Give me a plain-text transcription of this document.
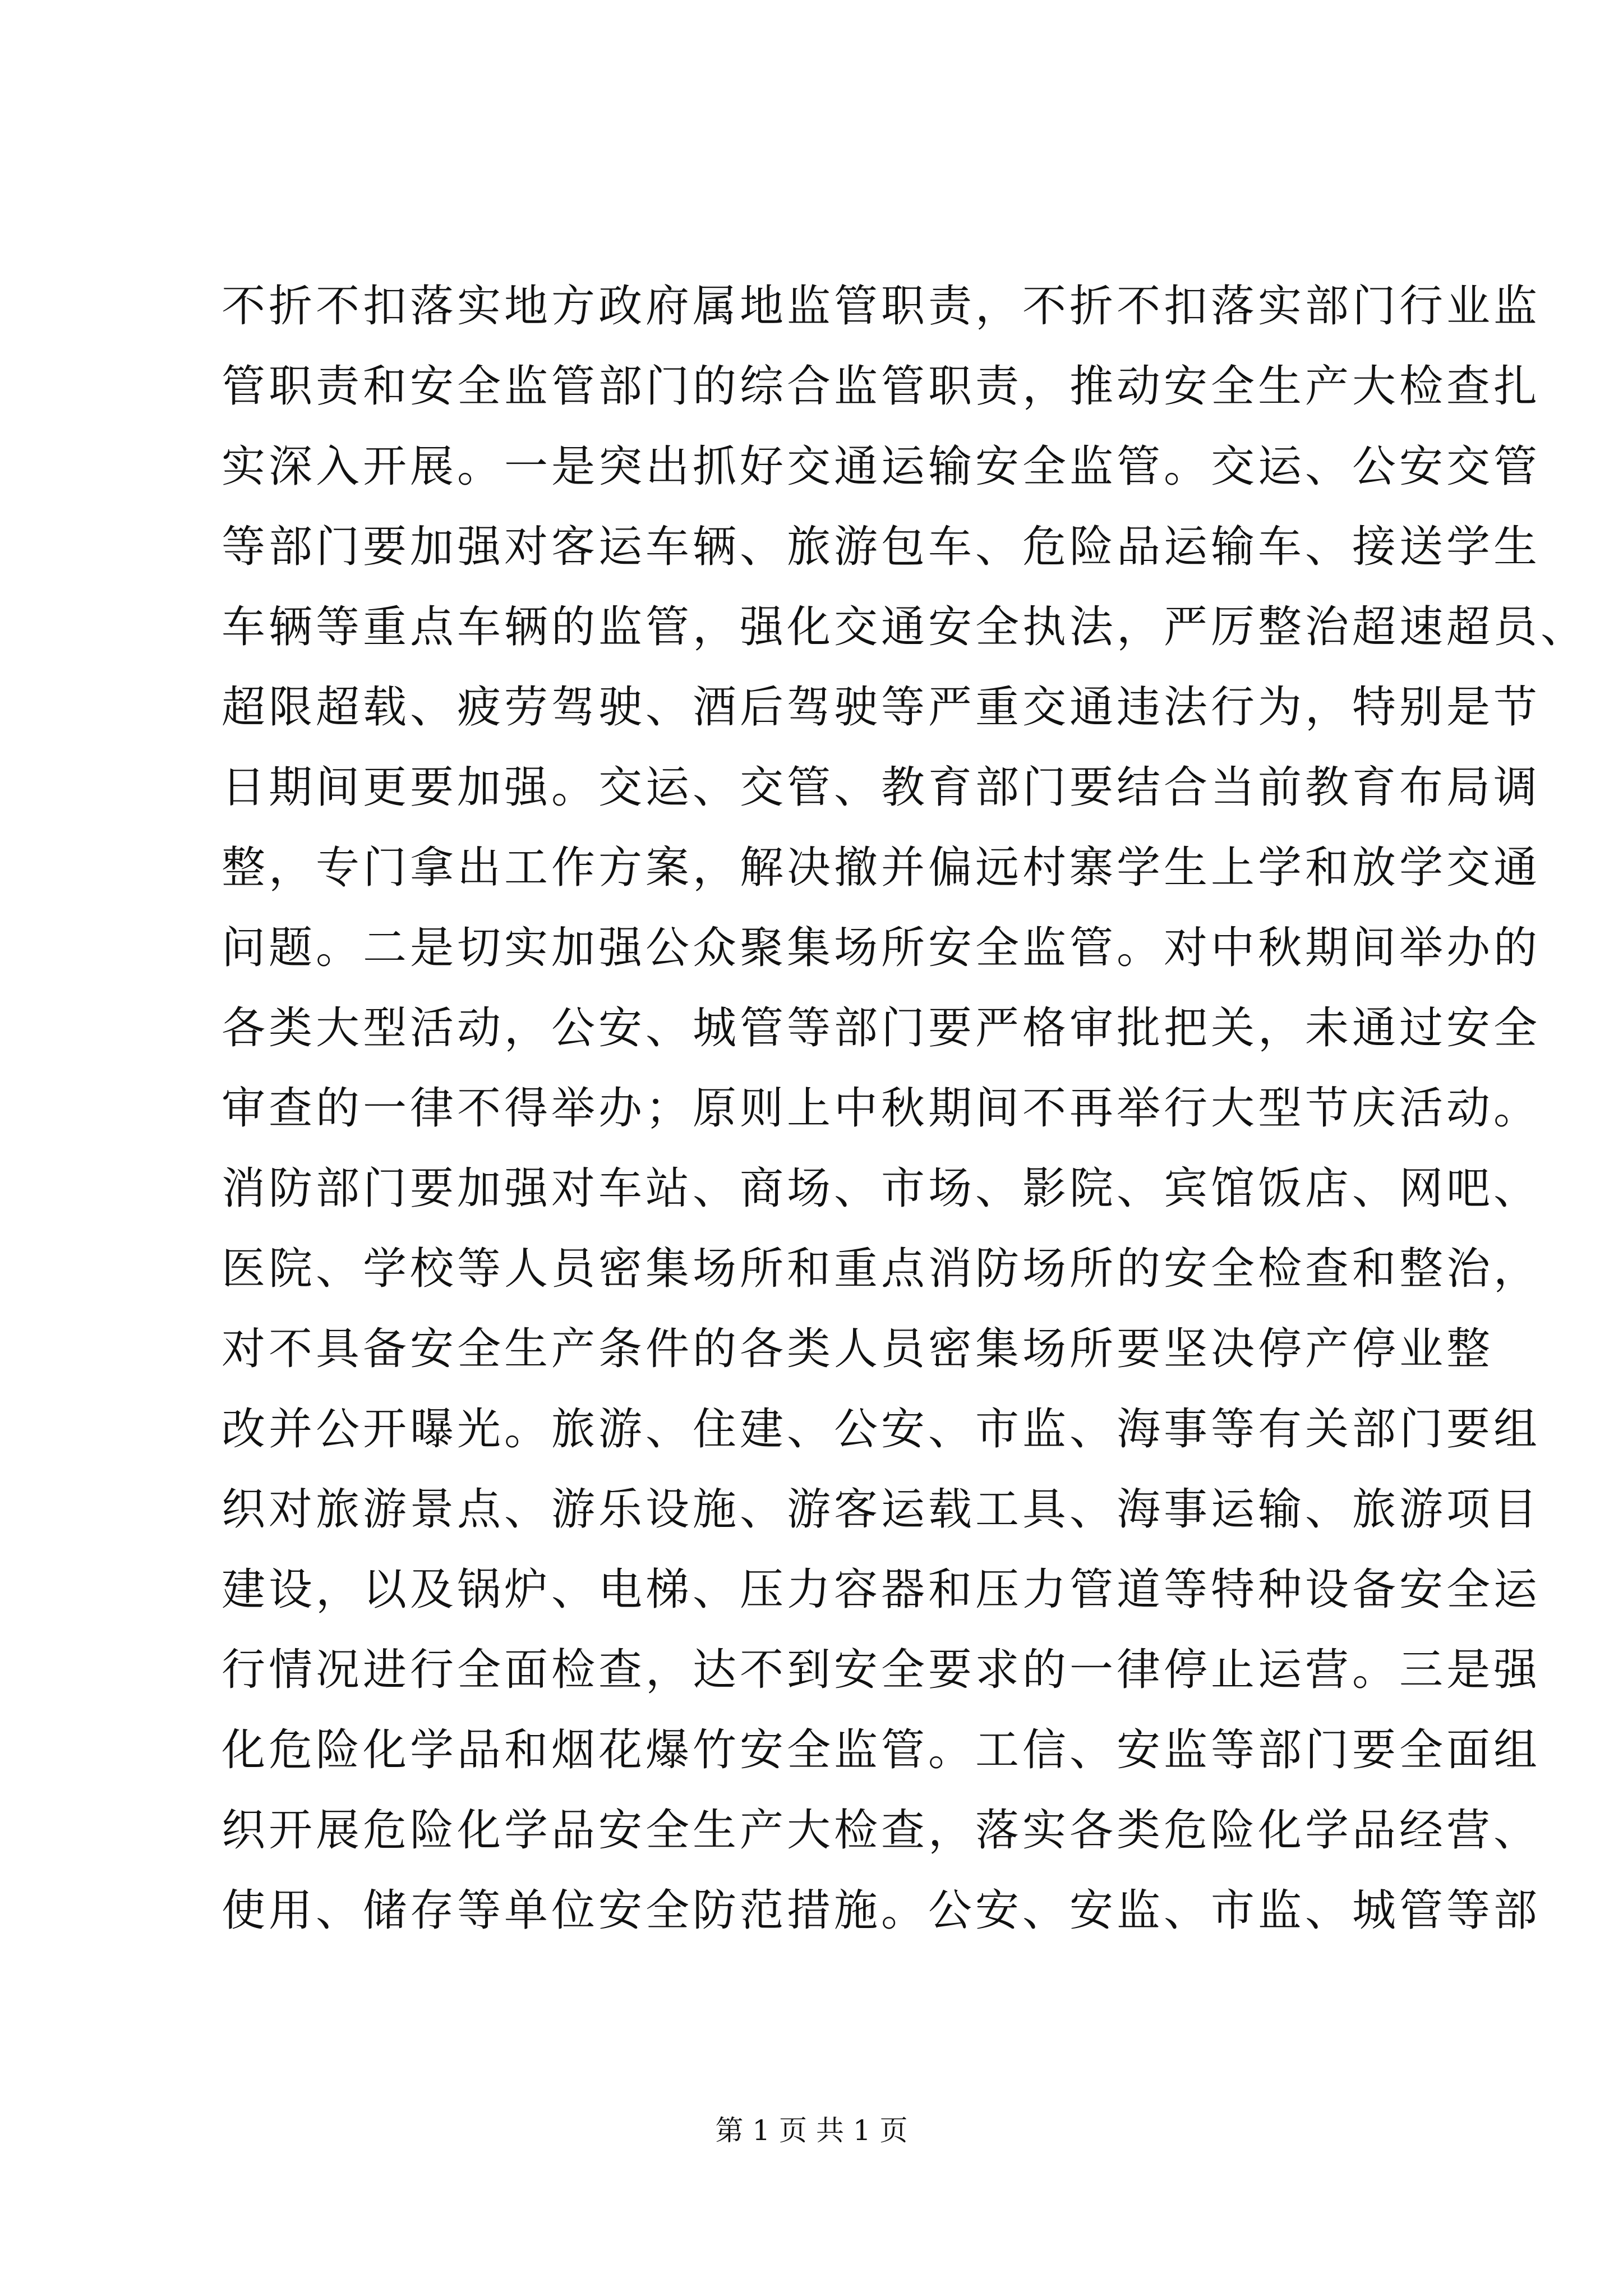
不折不扣落实地方政府属地监管职责，不折不扣落实部门行业监
管职责和安全监管部门的综合监管职责，推动安全生产大检查扎
实深入开展。一是突出抓好交通运输安全监管。交运、公安交管
等部门要加强对客运车辆、旅游包车、危险品运输车、接送学生
车辆等重点车辆的监管，强化交通安全执法，严厉整治超速超员、
超限超载、疲劳驾驶、酒后驾驶等严重交通违法行为，特别是节
日期间更要加强。交运、交管、教育部门要结合当前教育布局调
整，专门拿出工作方案，解决撤并偏远村寨学生上学和放学交通
问题。二是切实加强公众聚集场所安全监管。对中秋期间举办的
各类大型活动，公安、城管等部门要严格审批把关，未通过安全
审查的一律不得举办；原则上中秋期间不再举行大型节庆活动。
消防部门要加强对车站、商场、市场、影院、宾馆饭店、网吧、
医院、学校等人员密集场所和重点消防场所的安全检查和整治，
对不具备安全生产条件的各类人员密集场所要坚决停产停业整
改并公开曝光。旅游、住建、公安、市监、海事等有关部门要组
织对旅游景点、游乐设施、游客运载工具、海事运输、旅游项目
建设，以及锅炉、电梯、压力容器和压力管道等特种设备安全运
行情况进行全面检查，达不到安全要求的一律停止运营。三是强
化危险化学品和烟花爆竹安全监管。工信、安监等部门要全面组
织开展危险化学品安全生产大检查，落实各类危险化学品经营、
使用、储存等单位安全防范措施。公安、安监、市监、城管等部
第 1 页 共 1 页
